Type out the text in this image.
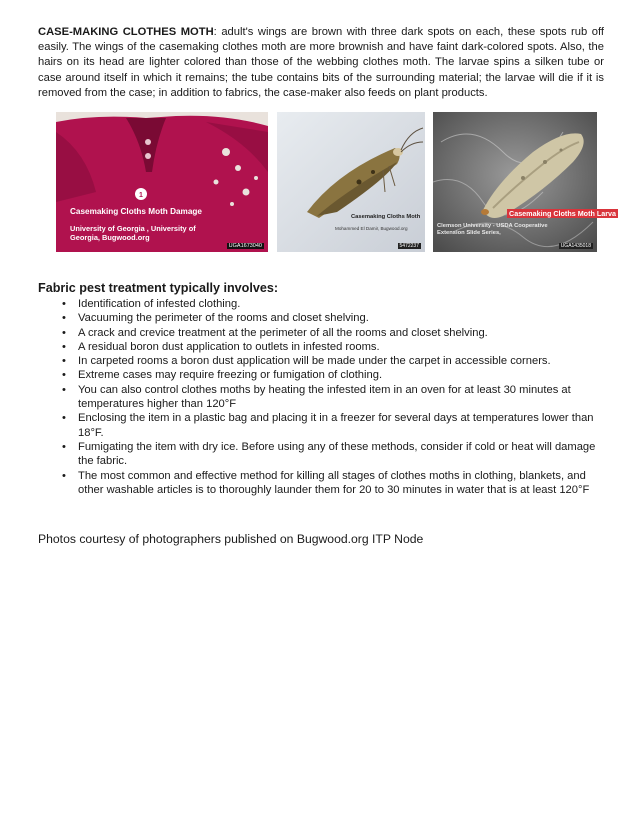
CASE-MAKING CLOTHES MOTH: adult's wings are brown with three dark spots on each, these spots rub off easily. The wings of the casemaking clothes moth are more brownish and have faint dark-colored spots. Also, the hairs on its head are lighter colored than those of the webbing clothes moth. The larvae spins a silken tube or case around itself in which it remains; the tube contains bits of the surrounding material; the larvae will die if it is removed from the case; in addition to fabrics, the case-maker also feeds on plant products.

1
Casemaking Cloths Moth Damage
University of Georgia , University of Georgia, Bugwood.org
UGA1673040
Casemaking Cloths Moth
Mohammed El Damir, Bugwood.org
5472237
Casemaking Cloths Moth Larva
Clemson University - USDA Cooperative Extension Slide Series,
UGA1435018
Fabric pest treatment typically involves:
•	Identification of infested clothing.
•	Vacuuming the perimeter of the rooms and closet shelving.
•	A crack and crevice treatment at the perimeter of all the rooms and closet shelving.
•	A residual boron dust application to outlets in infested rooms.
•	In carpeted rooms a boron dust application will be made under the carpet in accessible corners.
•	Extreme cases may require freezing or fumigation of clothing.
•	You can also control clothes moths by heating the infested item in an oven for at least 30 minutes at temperatures higher than 120°F
•	Enclosing the item in a plastic bag and placing it in a freezer for several days at temperatures lower than 18°F.
•	Fumigating the item with dry ice. Before using any of these methods, consider if cold or heat will damage the fabric.
•	The most common and effective method for killing all stages of clothes moths in clothing, blankets, and other washable articles is to thoroughly launder them for 20 to 30 minutes in water that is at least 120°F
Photos courtesy of photographers published on Bugwood.org ITP Node
